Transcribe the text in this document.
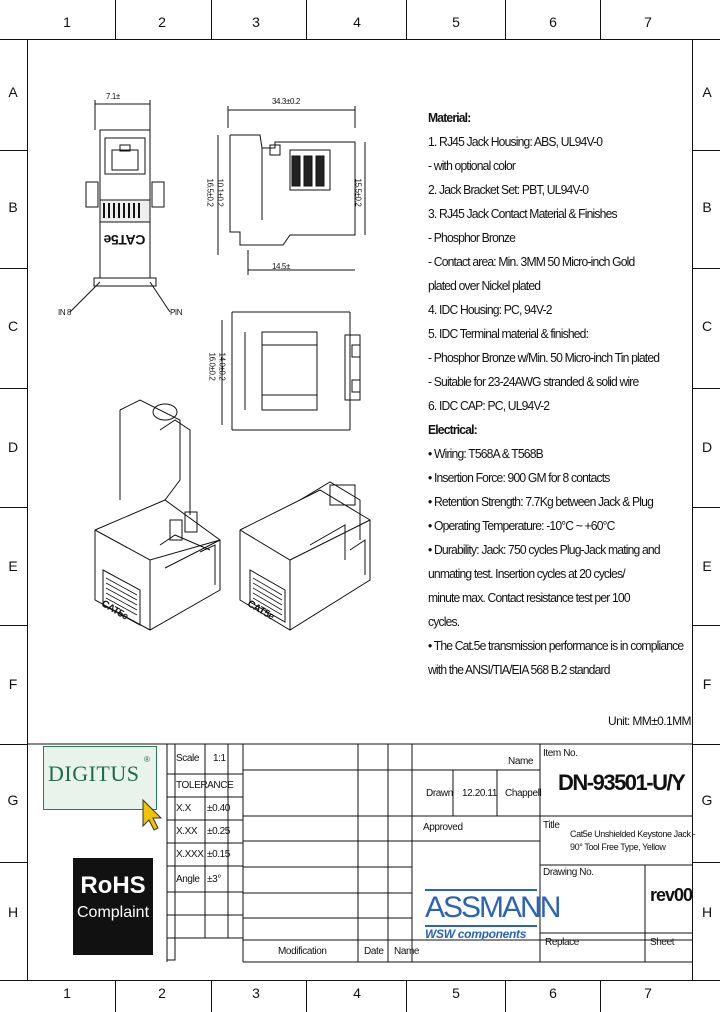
1	2	3	4	5	6	7
1	2	3	4	5	6	7
A
B
C
D
E
F
G
H
A
B
C
D
E
F
G
H
7.1±
34.3±0.2
16.5±0.2 10.1±0.2	15.5±0.2
14.5±
16.0±0.2 14.0±0.2
IN 8	PIN
CAT5e
CAT5e	CAT5e
Material:
1. RJ45 Jack Housing: ABS, UL94V-0
- with optional color
2. Jack Bracket Set: PBT, UL94V-0
3. RJ45 Jack Contact Material & Finishes
- Phosphor Bronze
- Contact area: Min. 3MM 50 Micro-inch Gold
plated over Nickel plated
4. IDC Housing: PC, 94V-2
5. IDC Terminal material & finished:
- Phosphor Bronze w/Min. 50 Micro-inch Tin plated
- Suitable for 23-24AWG stranded & solid wire
6. IDC CAP: PC, UL94V-2
Electrical:
• Wiring: T568A & T568B
• Insertion Force: 900 GM for 8 contacts
• Retention Strength: 7.7Kg between Jack & Plug
• Operating Temperature: -10°C ~ +60°C
• Durability: Jack: 750 cycles Plug-Jack mating and
unmating test. Insertion cycles at 20 cycles/
minute max. Contact resistance test per 100
cycles.
• The Cat.5e transmission performance is in compliance
with the ANSI/TIA/EIA 568 B.2 standard
Unit: MM±0.1MM
DIGITUS
®
RoHS
Complaint
Scale 1:1
TOLERANCE
X.X ±0.40
X.XX ±0.25
X.XXX ±0.15
Angle ±3°
Name
Drawn 12.20.11 Chappell
Approved
Modification	Date Name
ASSMANN
WSW components
Item No.
DN-93501-U/Y
Title
Cat5e Unshielded Keystone Jack -
90° Tool Free Type, Yellow
Drawing No.
rev00
Replace	Sheet
